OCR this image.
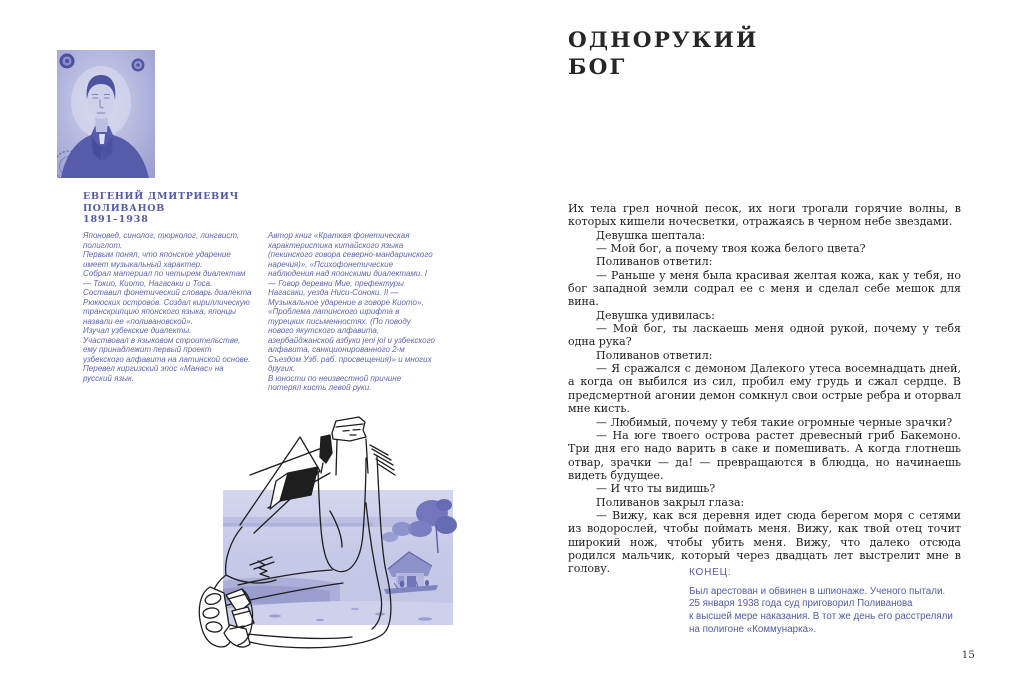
ЕВГЕНИЙ ДМИТРИЕВИЧ
ПОЛИВАНОВ
1891–1938

Японовед, синолог, тюрколог, лингвист, полиглот.

Первым понял, что японское ударение имеет музыкальный характер.

Собрал материал по четырем диалектам — Токио, Киото, Нагасаки и Тоса.

Составил фонетический словарь диалекта Рюкюских островов. Создал кириллическую транскрипцию японского языка, японцы назвали ее «поливановской».

Изучал узбекские диалекты.

Участвовал в языковом строительстве, ему принадлежит первый проект узбекского алфавита на латинской основе.

Перевел киргизский эпос «Манас» на русский язык.

Автор книг «Краткая фонетическая характеристика китайского языка (пекинского говора северно-мандаринского наречия)», «Психофонетические наблюдения над японскими диалектами. I — Говор деревни Мие, префектуры Нагасаки, уезда Ниси-Соноки. II — Музыкальное ударение в говоре Киото», «Проблема латинского шрифта в турецких письменностях. (По поводу нового якутского алфавита, азербайджанской азбуки jeni jol и узбекского алфавита, санкционированного 2-м Съездом Узб. раб. просвещения)» и многих других.

В юности по неизвестной причине потерял кисть левой руки.

ОДНОРУКИЙ
БОГ

Их тела грел ночной песок, их ноги трогали горячие волны, в которых кишели ночесветки, отражаясь в черном небе звездами.

Девушка шептала:

— Мой бог, а почему твоя кожа белого цвета?

Поливанов ответил:

— Раньше у меня была красивая желтая кожа, как у тебя, но бог западной земли содрал ее с меня и сделал себе мешок для вина.

Девушка удивилась:

— Мой бог, ты ласкаешь меня одной рукой, почему у тебя одна рука?

Поливанов ответил:

— Я сражался с демоном Далекого утеса восемнадцать дней, а когда он выбился из сил, пробил ему грудь и сжал сердце. В предсмертной агонии демон сомкнул свои острые ребра и оторвал мне кисть.

— Любимый, почему у тебя такие огромные черные зрачки?

— На юге твоего острова растет древесный гриб Бакемоно. Три дня его надо варить в саке и помешивать. А когда глотнешь отвар, зрачки — да! — превращаются в блюдца, но начинаешь видеть будущее.

— И что ты видишь?

Поливанов закрыл глаза:

— Вижу, как вся деревня идет сюда берегом моря с сетями из водорослей, чтобы поймать меня. Вижу, как твой отец точит широкий нож, чтобы убить меня. Вижу, что далеко отсюда родился мальчик, который через двадцать лет выстрелит мне в голову.	КОНЕЦ:
Был арестован и обвинен в шпионаже. Ученого пытали.
25 января 1938 года суд приговорил Поливанова
к высшей мере наказания. В тот же день его расстреляли
на полигоне «Коммунарка».
15
